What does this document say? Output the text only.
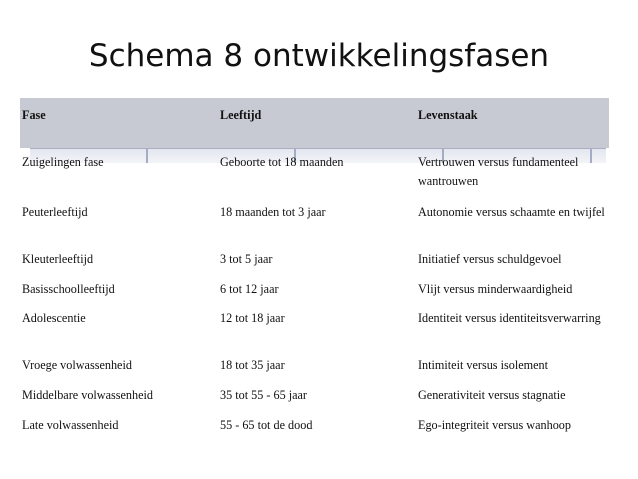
Schema 8 ontwikkelingsfasen
Fase	Leeftijd	Levenstaak
Zuigelingen fase	Geboorte tot 18 maanden	Vertrouwen versus fundamenteel wantrouwen
Peuterleeftijd	18 maanden tot 3 jaar	Autonomie versus schaamte en twijfel
Kleuterleeftijd	3 tot 5 jaar	Initiatief versus schuldgevoel
Basisschoolleeftijd	6 tot 12 jaar	Vlijt versus minderwaardigheid
Adolescentie	12 tot 18 jaar	Identiteit versus identiteitsverwarring
Vroege volwassenheid	18 tot 35 jaar	Intimiteit versus isolement
Middelbare volwassenheid	35 tot 55 - 65 jaar	Generativiteit versus stagnatie
Late volwassenheid	55 - 65 tot de dood	Ego-integriteit versus wanhoop
